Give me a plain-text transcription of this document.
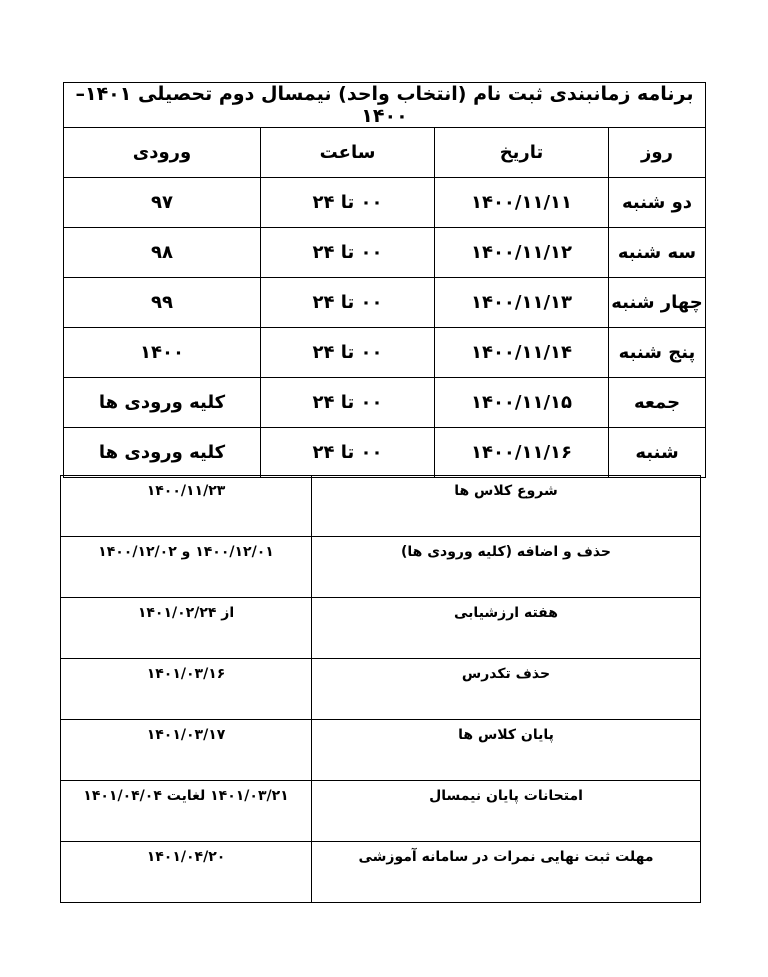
برنامه زمانبندی ثبت نام (انتخاب واحد) نیمسال دوم تحصیلی ۱۴۰۱–۱۴۰۰			
روز	تاریخ	ساعت	ورودی
دو شنبه	۱۴۰۰/۱۱/۱۱	۰۰ تا ۲۴	۹۷
سه شنبه	۱۴۰۰/۱۱/۱۲	۰۰ تا ۲۴	۹۸
چهار شنبه	۱۴۰۰/۱۱/۱۳	۰۰ تا ۲۴	۹۹
پنج شنبه	۱۴۰۰/۱۱/۱۴	۰۰ تا ۲۴	۱۴۰۰
جمعه	۱۴۰۰/۱۱/۱۵	۰۰ تا ۲۴	کلیه ورودی ها
شنبه	۱۴۰۰/۱۱/۱۶	۰۰ تا ۲۴	کلیه ورودی ها
شروع کلاس ها	۱۴۰۰/۱۱/۲۳
حذف و اضافه (کلیه ورودی ها)	۱۴۰۰/۱۲/۰۱ و ۱۴۰۰/۱۲/۰۲
هفته ارزشیابی	از ۱۴۰۱/۰۲/۲۴
حذف تکدرس	۱۴۰۱/۰۳/۱۶
پایان کلاس ها	۱۴۰۱/۰۳/۱۷
امتحانات پایان نیمسال	۱۴۰۱/۰۳/۲۱ لغایت ۱۴۰۱/۰۴/۰۴
مهلت ثبت نهایی نمرات در سامانه آموزشی	۱۴۰۱/۰۴/۲۰
